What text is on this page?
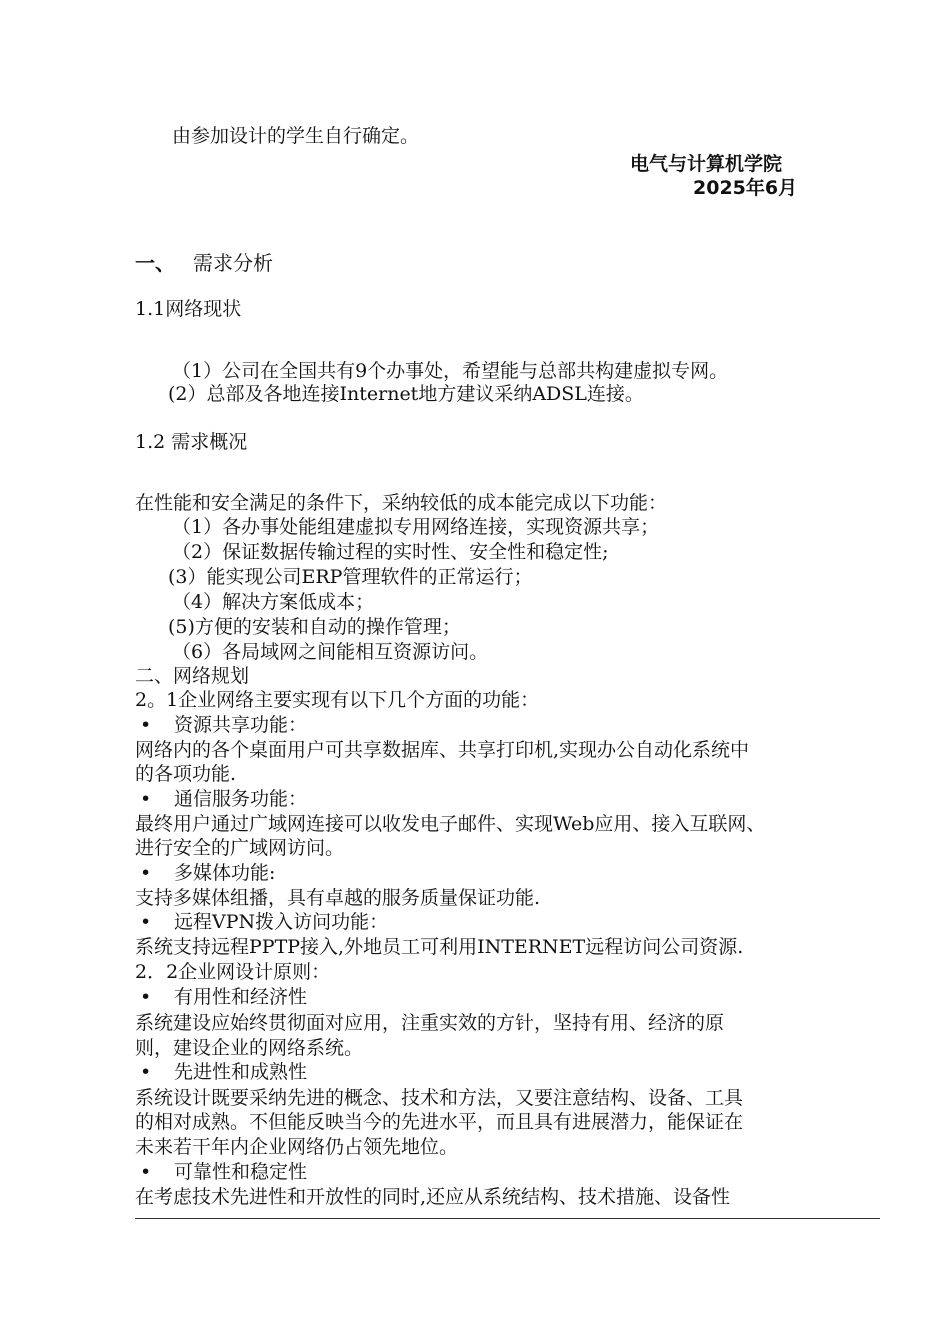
由参加设计的学生自行确定。
电气与计算机学院
2025年6月
一、 需求分析
1.1网络现状
（1）公司在全国共有9个办事处，希望能与总部共构建虚拟专网。
(2）总部及各地连接Internet地方建议采纳ADSL连接。
1.2 需求概况
在性能和安全满足的条件下，采纳较低的成本能完成以下功能：
（1）各办事处能组建虚拟专用网络连接，实现资源共享；
（2）保证数据传输过程的实时性、安全性和稳定性;
(3）能实现公司ERP管理软件的正常运行；
（4）解决方案低成本；
(5)方便的安装和自动的操作管理；
（6）各局域网之间能相互资源访问。
二、网络规划
2。1企业网络主要实现有以下几个方面的功能：
• 资源共享功能：
网络内的各个桌面用户可共享数据库、共享打印机,实现办公自动化系统中
的各项功能.
• 通信服务功能：
最终用户通过广域网连接可以收发电子邮件、实现Web应用、接入互联网、
进行安全的广域网访问。
• 多媒体功能:
支持多媒体组播，具有卓越的服务质量保证功能.
• 远程VPN拨入访问功能：
系统支持远程PPTP接入,外地员工可利用INTERNET远程访问公司资源.
2．2企业网设计原则：
• 有用性和经济性
系统建设应始终贯彻面对应用，注重实效的方针，坚持有用、经济的原
则，建设企业的网络系统。
• 先进性和成熟性
系统设计既要采纳先进的概念、技术和方法，又要注意结构、设备、工具
的相对成熟。不但能反映当今的先进水平，而且具有进展潜力，能保证在
未来若干年内企业网络仍占领先地位。
• 可靠性和稳定性
在考虑技术先进性和开放性的同时,还应从系统结构、技术措施、设备性
